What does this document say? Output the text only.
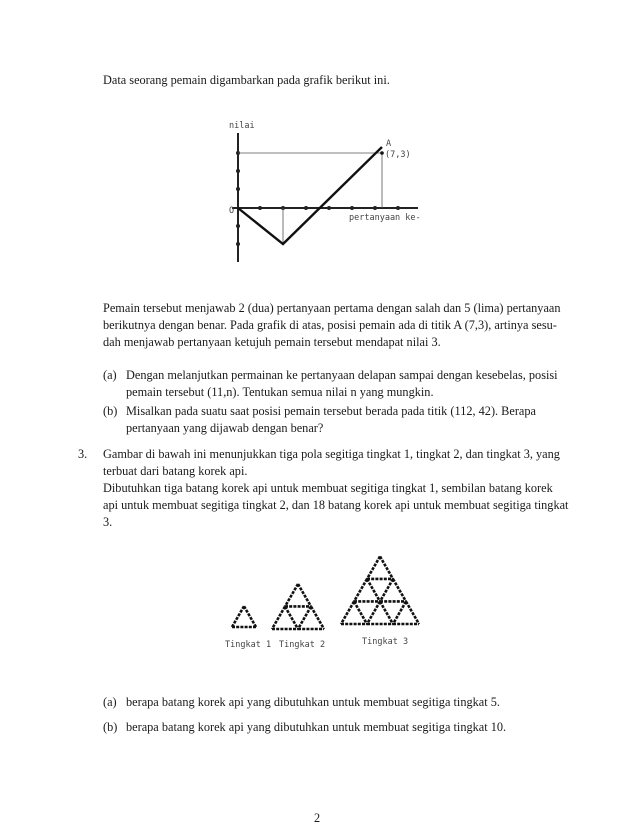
Data seorang pemain digambarkan pada grafik berikut ini.
nilai
O
pertanyaan ke-
A
(7,3)
Pemain tersebut menjawab 2 (dua) pertanyaan pertama dengan salah dan 5 (lima) pertanyaan
berikutnya dengan benar. Pada grafik di atas, posisi pemain ada di titik A (7,3), artinya sesu-
dah menjawab pertanyaan ketujuh pemain tersebut mendapat nilai 3.
(a) Dengan melanjutkan permainan ke pertanyaan delapan sampai dengan kesebelas, posisi
pemain tersebut (11,n). Tentukan semua nilai n yang mungkin.
(b) Misalkan pada suatu saat posisi pemain tersebut berada pada titik (112, 42). Berapa
pertanyaan yang dijawab dengan benar?
3. Gambar di bawah ini menunjukkan tiga pola segitiga tingkat 1, tingkat 2, dan tingkat 3, yang
terbuat dari batang korek api.
Dibutuhkan tiga batang korek api untuk membuat segitiga tingkat 1, sembilan batang korek
api untuk membuat segitiga tingkat 2, dan 18 batang korek api untuk membuat segitiga tingkat
3.
Tingkat 1 Tingkat 2	Tingkat 3
(a) berapa batang korek api yang dibutuhkan untuk membuat segitiga tingkat 5.
(b) berapa batang korek api yang dibutuhkan untuk membuat segitiga tingkat 10.
2
